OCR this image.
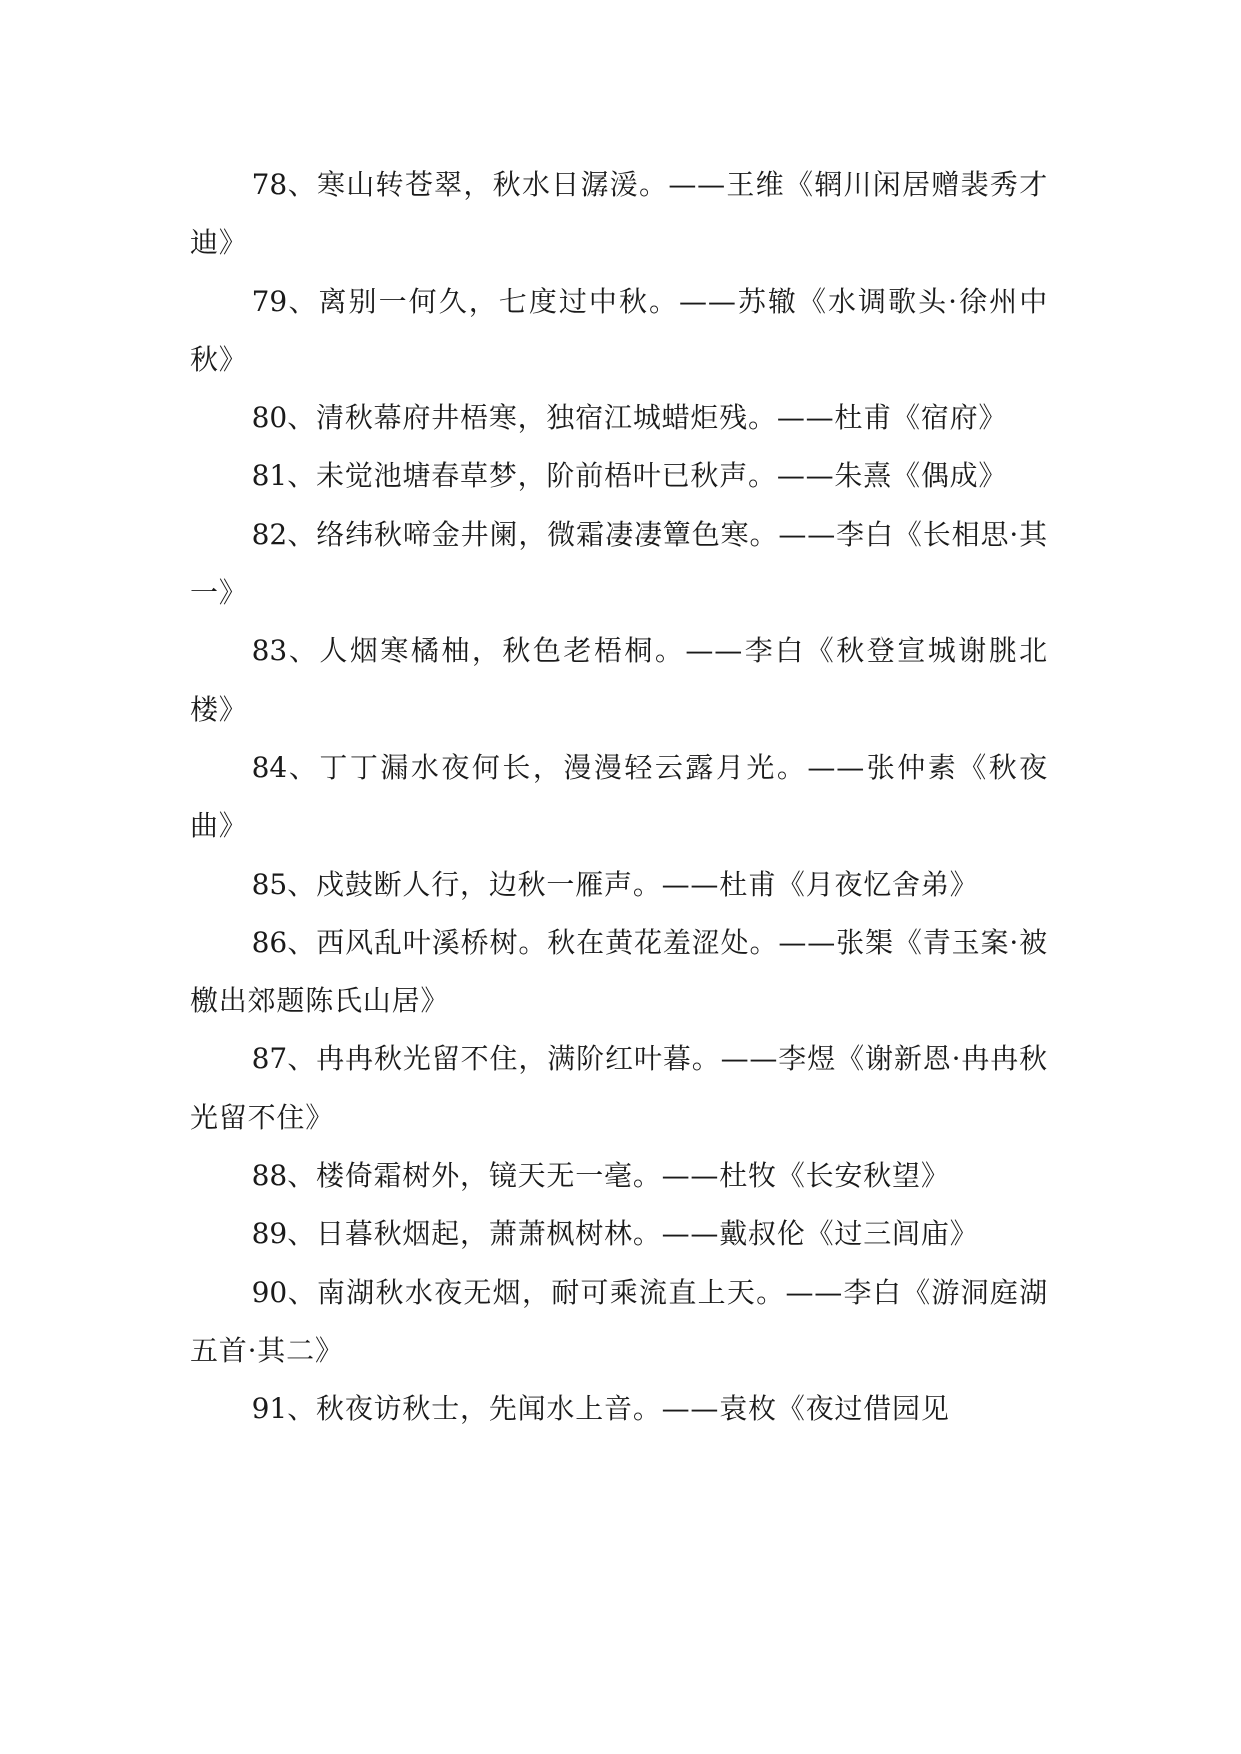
78、寒山转苍翠，秋水日潺湲。——王维《辋川闲居赠裴秀才迪》

79、离别一何久，七度过中秋。——苏辙《水调歌头·徐州中秋》

80、清秋幕府井梧寒，独宿江城蜡炬残。——杜甫《宿府》

81、未觉池塘春草梦，阶前梧叶已秋声。——朱熹《偶成》

82、络纬秋啼金井阑，微霜凄凄簟色寒。——李白《长相思·其一》

83、人烟寒橘柚，秋色老梧桐。——李白《秋登宣城谢朓北楼》

84、丁丁漏水夜何长，漫漫轻云露月光。——张仲素《秋夜曲》

85、戍鼓断人行，边秋一雁声。——杜甫《月夜忆舍弟》

86、西风乱叶溪桥树。秋在黄花羞涩处。——张榘《青玉案·被檄出郊题陈氏山居》

87、冉冉秋光留不住，满阶红叶暮。——李煜《谢新恩·冉冉秋光留不住》

88、楼倚霜树外，镜天无一毫。——杜牧《长安秋望》

89、日暮秋烟起，萧萧枫树林。——戴叔伦《过三闾庙》

90、南湖秋水夜无烟，耐可乘流直上天。——李白《游洞庭湖五首·其二》

91、秋夜访秋士，先闻水上音。——袁枚《夜过借园见
